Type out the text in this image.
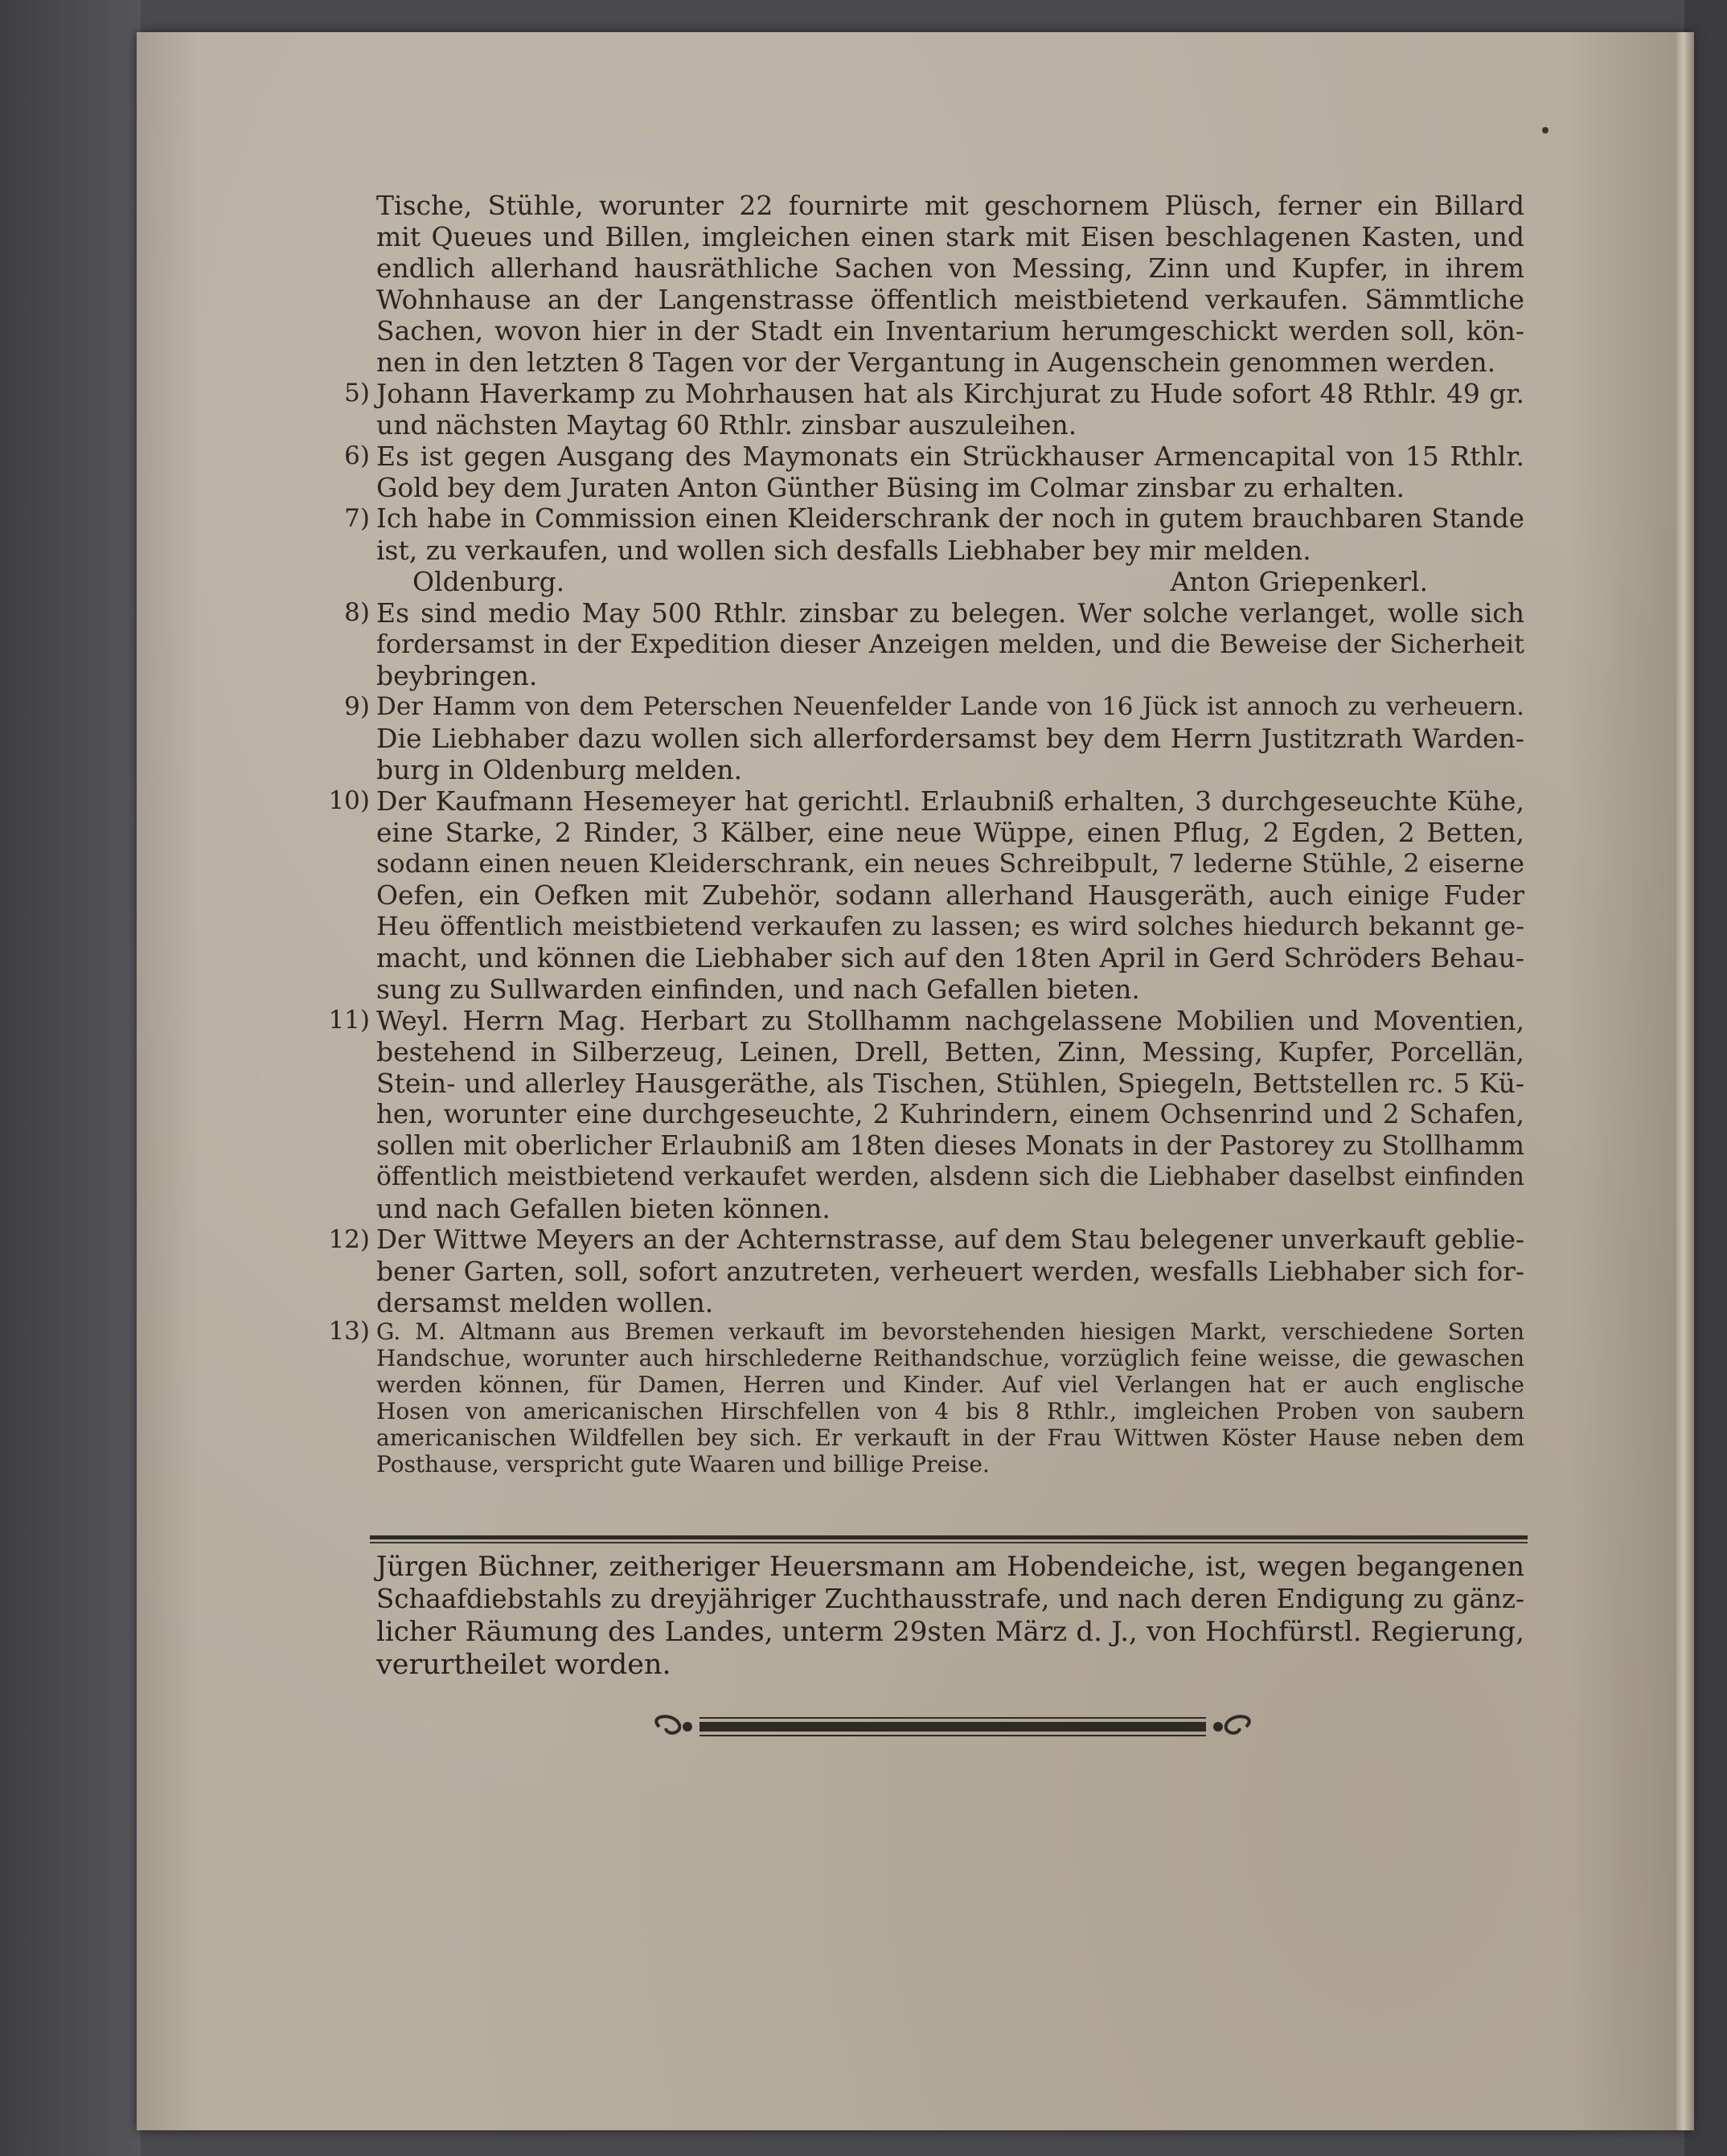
Tische, Stühle, worunter 22 fournirte mit geschornem Plüsch, ferner ein Billard
mit Queues und Billen, imgleichen einen stark mit Eisen beschlagenen Kasten, und
endlich allerhand hausräthliche Sachen von Messing, Zinn und Kupfer, in ihrem
Wohnhause an der Langenstrasse öffentlich meistbietend verkaufen. Sämmtliche
Sachen, wovon hier in der Stadt ein Inventarium herumgeschickt werden soll, kön-
nen in den letzten 8 Tagen vor der Vergantung in Augenschein genommen werden.
5) Johann Haverkamp zu Mohrhausen hat als Kirchjurat zu Hude sofort 48 Rthlr. 49 gr.
und nächsten Maytag 60 Rthlr. zinsbar auszuleihen.
6) Es ist gegen Ausgang des Maymonats ein Strückhauser Armencapital von 15 Rthlr.
Gold bey dem Juraten Anton Günther Büsing im Colmar zinsbar zu erhalten.
7) Ich habe in Commission einen Kleiderschrank der noch in gutem brauchbaren Stande
ist, zu verkaufen, und wollen sich desfalls Liebhaber bey mir melden.
Oldenburg.	Anton Griepenkerl.
8) Es sind medio May 500 Rthlr. zinsbar zu belegen. Wer solche verlanget, wolle sich
fordersamst in der Expedition dieser Anzeigen melden, und die Beweise der Sicherheit
beybringen.
9) Der Hamm von dem Peterschen Neuenfelder Lande von 16 Jück ist annoch zu verheuern.
Die Liebhaber dazu wollen sich allerfordersamst bey dem Herrn Justitzrath Warden-
burg in Oldenburg melden.
10) Der Kaufmann Hesemeyer hat gerichtl. Erlaubniß erhalten, 3 durchgeseuchte Kühe,
eine Starke, 2 Rinder, 3 Kälber, eine neue Wüppe, einen Pflug, 2 Egden, 2 Betten,
sodann einen neuen Kleiderschrank, ein neues Schreibpult, 7 lederne Stühle, 2 eiserne
Oefen, ein Oefken mit Zubehör, sodann allerhand Hausgeräth, auch einige Fuder
Heu öffentlich meistbietend verkaufen zu lassen; es wird solches hiedurch bekannt ge-
macht, und können die Liebhaber sich auf den 18ten April in Gerd Schröders Behau-
sung zu Sullwarden einfinden, und nach Gefallen bieten.
11) Weyl. Herrn Mag. Herbart zu Stollhamm nachgelassene Mobilien und Moventien,
bestehend in Silberzeug, Leinen, Drell, Betten, Zinn, Messing, Kupfer, Porcellän,
Stein- und allerley Hausgeräthe, als Tischen, Stühlen, Spiegeln, Bettstellen rc. 5 Kü-
hen, worunter eine durchgeseuchte, 2 Kuhrindern, einem Ochsenrind und 2 Schafen,
sollen mit oberlicher Erlaubniß am 18ten dieses Monats in der Pastorey zu Stollhamm
öffentlich meistbietend verkaufet werden, alsdenn sich die Liebhaber daselbst einfinden
und nach Gefallen bieten können.
12) Der Wittwe Meyers an der Achternstrasse, auf dem Stau belegener unverkauft geblie-
bener Garten, soll, sofort anzutreten, verheuert werden, wesfalls Liebhaber sich for-
dersamst melden wollen.
13) G. M. Altmann aus Bremen verkauft im bevorstehenden hiesigen Markt, verschiedene Sorten
Handschue, worunter auch hirschlederne Reithandschue, vorzüglich feine weisse, die gewaschen
werden können, für Damen, Herren und Kinder. Auf viel Verlangen hat er auch englische
Hosen von americanischen Hirschfellen von 4 bis 8 Rthlr., imgleichen Proben von saubern
americanischen Wildfellen bey sich. Er verkauft in der Frau Wittwen Köster Hause neben dem
Posthause, verspricht gute Waaren und billige Preise.
Jürgen Büchner, zeitheriger Heuersmann am Hobendeiche, ist, wegen begangenen
Schaafdiebstahls zu dreyjähriger Zuchthausstrafe, und nach deren Endigung zu gänz-
licher Räumung des Landes, unterm 29sten März d. J., von Hochfürstl. Regierung,
verurtheilet worden.
